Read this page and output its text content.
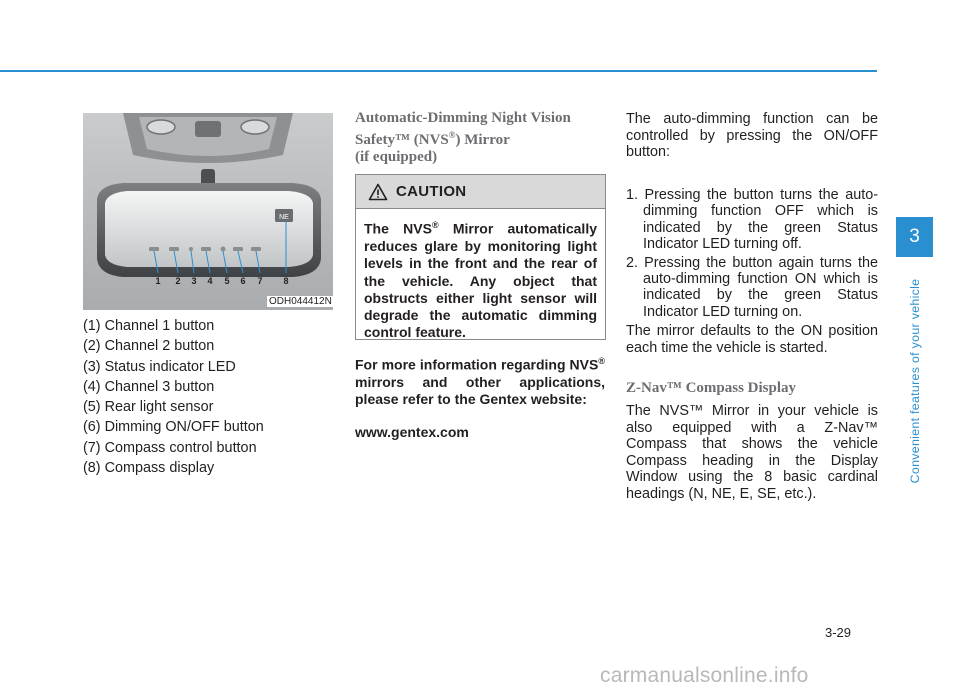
NE
1 2 3 4 5 6 7 8
ODH044412N
(1) Channel 1 button
(2) Channel 2 button
(3) Status indicator LED
(4) Channel 3 button
(5) Rear light sensor
(6) Dimming ON/OFF button
(7) Compass control button
(8) Compass display

Automatic-Dimming Night Vision

Safety™ (NVS®) Mirror

(if equipped)

CAUTION
The NVS® Mirror automatically reduces glare by monitoring light levels in the front and the rear of the vehicle. Any object that obstructs either light sensor will degrade the automatic dimming control feature.

For more information regarding NVS® mirrors and other applications, please refer to the Gentex website:

www.gentex.com

The auto-dimming function can be controlled by pressing the ON/OFF button:

1. Pressing the button turns the auto-dimming function OFF which is indicated by the green Status Indicator LED turning off.
2. Pressing the button again turns the auto-dimming function ON which is indicated by the green Status Indicator LED turning on.

The mirror defaults to the ON position each time the vehicle is started.

Z-Nav™ Compass Display

The NVS™ Mirror in your vehicle is also equipped with a Z-Nav™ Compass that shows the vehicle Compass heading in the Display Window using the 8 basic cardinal headings (N, NE, E, SE, etc.).

3
Convenient features of your vehicle
3-29
carmanualsonline.info
